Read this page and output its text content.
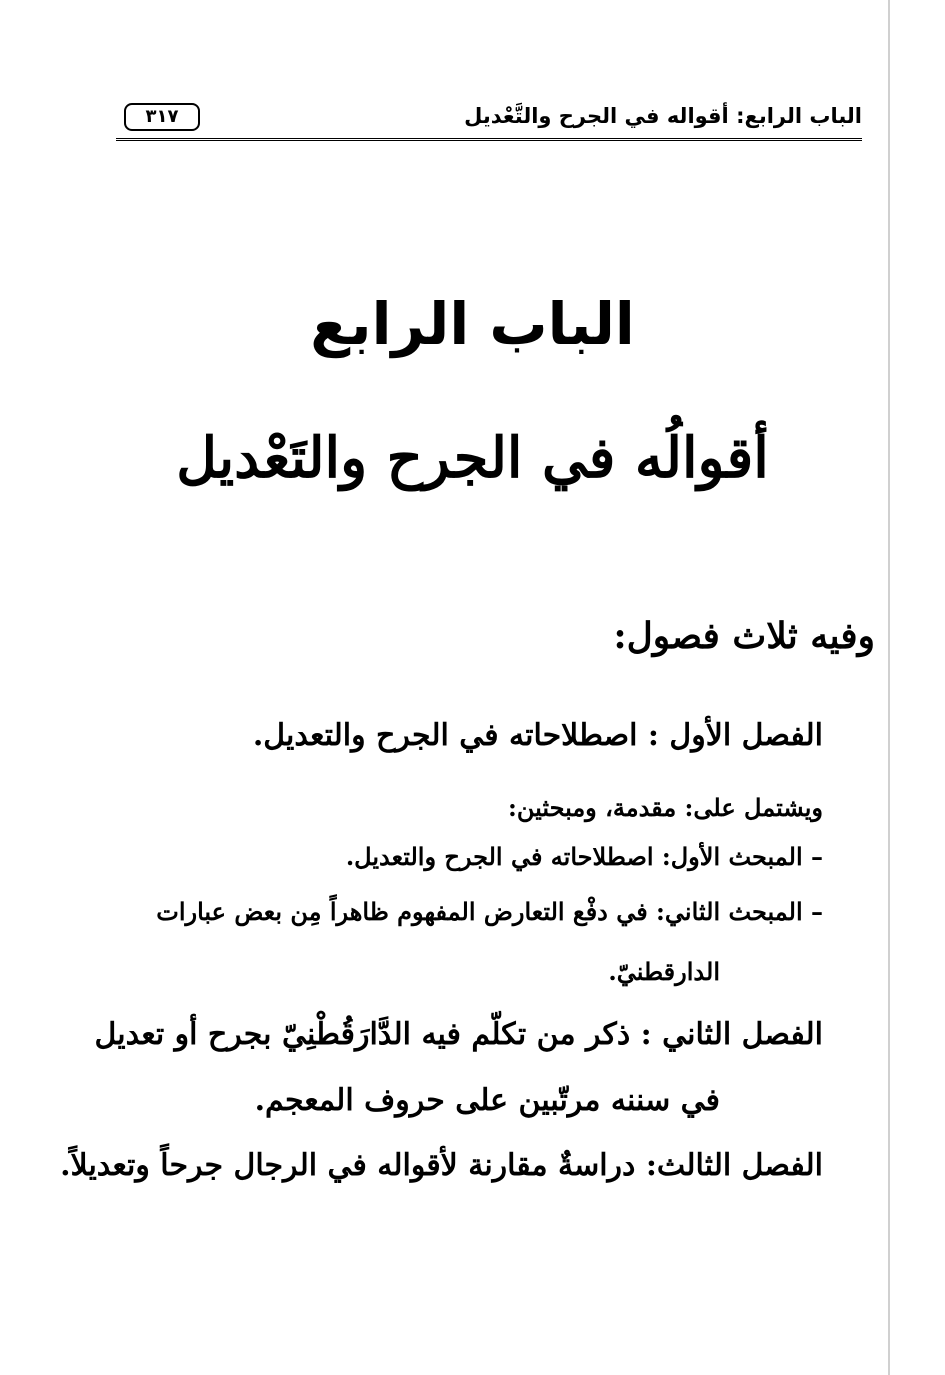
الباب الرابع: أقواله في الجرح والتَّعْديل
٣١٧
الباب الرابع
أقوالُه في الجرح والتَعْديل
وفيه ثلاث فصول:
الفصل الأول : اصطلاحاته في الجرح والتعديل.
ويشتمل على: مقدمة، ومبحثين:
– المبحث الأول: اصطلاحاته في الجرح والتعديل.
– المبحث الثاني: في دفْع التعارض المفهوم ظاهراً مِن بعض عبارات
الدارقطنيّ.
الفصل الثاني : ذكر من تكلّم فيه الدَّارَقُطْنِيّ بجرح أو تعديل
في سننه مرتّبين على حروف المعجم.
الفصل الثالث: دراسةٌ مقارنة لأقواله في الرجال جرحاً وتعديلاً.
